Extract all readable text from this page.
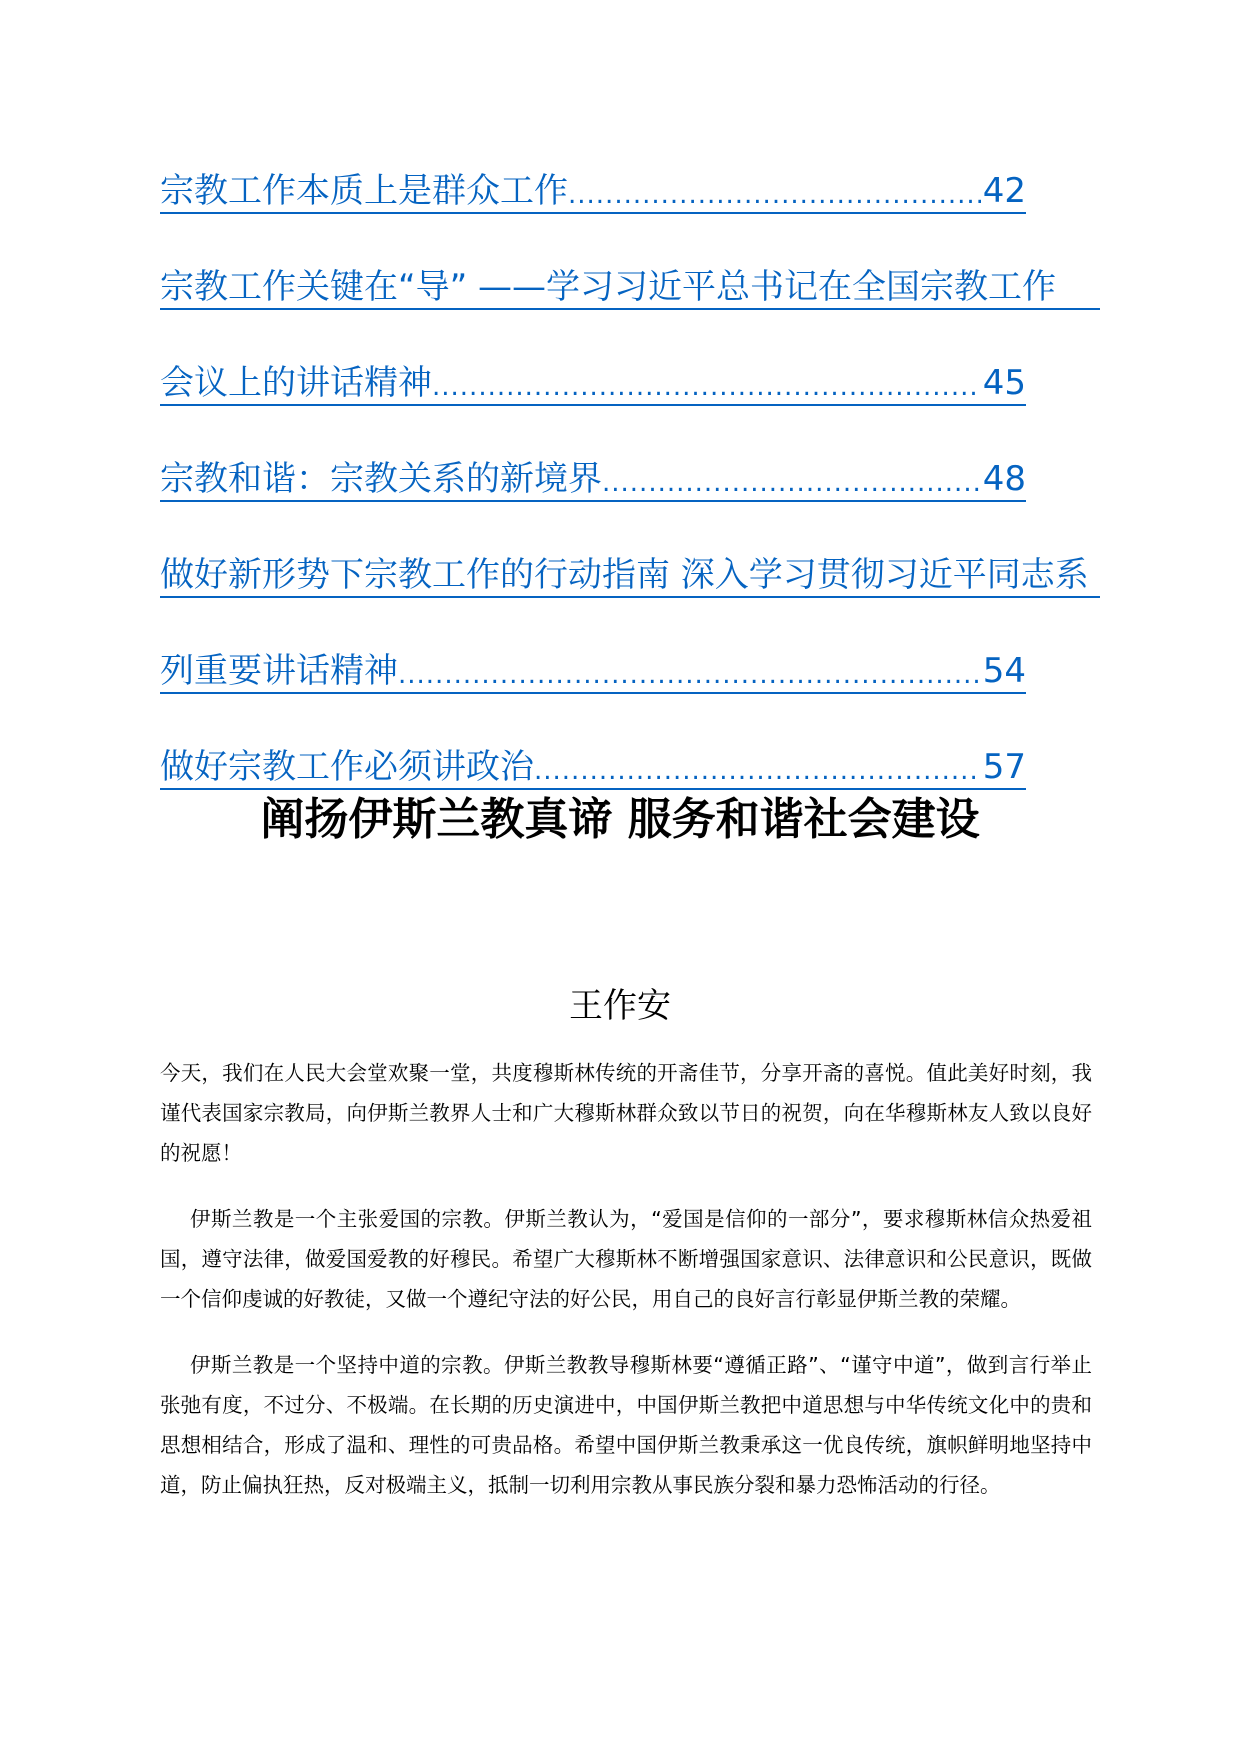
宗教工作本质上是群众工作 .....	42
宗教工作关键在“导” ——学习习近平总书记在全国宗教工作
会议上的讲话精神 .....	45
宗教和谐：宗教关系的新境界 .....	48
做好新形势下宗教工作的行动指南 深入学习贯彻习近平同志系
列重要讲话精神 .....	54
做好宗教工作必须讲政治 .....	57
阐扬伊斯兰教真谛 服务和谐社会建设
王作安

今天，我们在人民大会堂欢聚一堂，共度穆斯林传统的开斋佳节，分享开斋的喜悦。值此美好时刻，我谨代表国家宗教局，向伊斯兰教界人士和广大穆斯林群众致以节日的祝贺，向在华穆斯林友人致以良好的祝愿！

伊斯兰教是一个主张爱国的宗教。伊斯兰教认为，“爱国是信仰的一部分”，要求穆斯林信众热爱祖国，遵守法律，做爱国爱教的好穆民。希望广大穆斯林不断增强国家意识、法律意识和公民意识，既做一个信仰虔诚的好教徒，又做一个遵纪守法的好公民，用自己的良好言行彰显伊斯兰教的荣耀。

伊斯兰教是一个坚持中道的宗教。伊斯兰教教导穆斯林要“遵循正路”、“谨守中道”，做到言行举止张弛有度，不过分、不极端。在长期的历史演进中，中国伊斯兰教把中道思想与中华传统文化中的贵和思想相结合，形成了温和、理性的可贵品格。希望中国伊斯兰教秉承这一优良传统，旗帜鲜明地坚持中道，防止偏执狂热，反对极端主义，抵制一切利用宗教从事民族分裂和暴力恐怖活动的行径。
